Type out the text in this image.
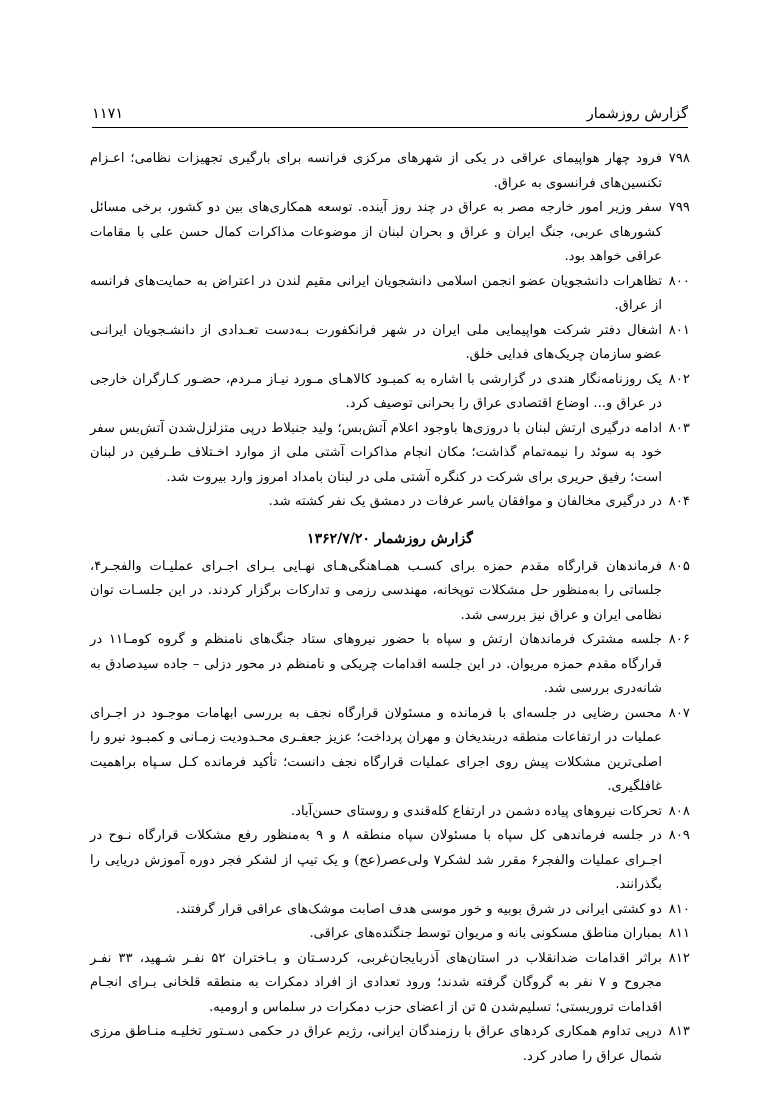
گزارش روزشمار
۱۱۷۱
۷۹۸
فرود چهار هواپیمای عراقی در یکی از شهرهای مرکزی فرانسه برای بارگیری تجهیزات نظامی؛ اعـزام تکنسین‌های فرانسوی به عراق.
۷۹۹
سفر وزیر امور خارجه مصر به عراق در چند روز آینده. توسعه همکاری‌های بین دو کشور، برخی مسائل کشورهای عربی، جنگ ایران و عراق و بحران لبنان از موضوعات مذاکرات کمال حسن علی با مقامات عراقی خواهد بود.
۸۰۰
تظاهرات دانشجویان عضو انجمن اسلامی دانشجویان ایرانی مقیم لندن در اعتراض به حمایت‌های فرانسه از عراق.
۸۰۱
اشغال دفتر شرکت هواپیمایی ملی ایران در شهر فرانکفورت بـه‌دست تعـدادی از دانشـجویان ایرانـی عضو سازمان چریک‌های فدایی خلق.
۸۰۲
یک روزنامه‌نگار هندی در گزارشی با اشاره به کمبـود کالاهـای مـورد نیـاز مـردم، حضـور کـارگران خارجی در عراق و... اوضاع اقتصادی عراق را بحرانی توصیف کرد.
۸۰۳
ادامه درگیری ارتش لبنان با دروزی‌ها باوجود اعلام آتش‌بس؛ ولید جنبلاط درپی متزلزل‌شدن آتش‌بس سفر خود به سوئد را نیمه‌تمام گذاشت؛ مکان انجام مذاکرات آشتی ملی از موارد اخـتلاف طـرفین در لبنان است؛ رفیق حریری برای شرکت در کنگره آشتی ملی در لبنان بامداد امروز وارد بیروت شد.
۸۰۴
در درگیری مخالفان و موافقان یاسر عرفات در دمشق یک نفر کشته شد.
گزارش روزشمار ۱۳۶۲/۷/۲۰
۸۰۵
فرماندهان قرارگاه مقدم حمزه برای کسـب همـاهنگی‌هـای نهـایی بـرای اجـرای عملیـات والفجـر۴، جلساتی را به‌منظور حل مشکلات توپخانه، مهندسی رزمی و تدارکات برگزار کردند. در این جلسـات توان نظامی ایران و عراق نیز بررسی شد.
۸۰۶
جلسه مشترک فرماندهان ارتش و سپاه با حضور نیروهای ستاد جنگ‌های نامنظم و گروه کومـا۱۱ در قرارگاه مقدم حمزه مریوان. در این جلسه اقدامات چریکی و نامنظم در محور دزلی – جاده سیدصادق به شانه‌دری بررسی شد.
۸۰۷
محسن رضایی در جلسه‌ای با فرمانده و مسئولان قرارگاه نجف به بررسی ابهامات موجـود در اجـرای عملیات در ارتفاعات منطقه دربندیخان و مهران پرداخت؛ عزیز جعفـری محـدودیت زمـانی و کمبـود نیرو را اصلی‌ترین مشکلات پیش روی اجرای عملیات قرارگاه نجف دانست؛ تأکید فرمانده کـل سـپاه براهمیت غافلگیری.
۸۰۸
تحرکات نیروهای پیاده دشمن در ارتفاع کله‌قندی و روستای حسن‌آباد.
۸۰۹
در جلسه فرماندهی کل سپاه با مسئولان سپاه منطقه ۸ و ۹ به‌منظور رفع مشکلات قرارگاه نـوح در اجـرای عملیات والفجر۶ مقرر شد لشکر۷ ولی‌عصر(عج) و یک تیپ از لشکر فجر دوره آموزش دریایی را بگذرانند.
۸۱۰
دو کشتی ایرانی در شرق بوبیه و خور موسی هدف اصابت موشک‌های عراقی قرار گرفتند.
۸۱۱
بمباران مناطق مسکونی بانه و مریوان توسط جنگنده‌های عراقی.
۸۱۲
براثر اقدامات ضدانقلاب در استان‌های آذربایجان‌غربی، کردسـتان و بـاختران ۵۲ نفـر شـهید، ۳۳ نفـر مجروح و ۷ نفر به گروگان گرفته شدند؛ ورود تعدادی از افراد دمکرات به منطقه قلخانی بـرای انجـام اقدامات تروریستی؛ تسلیم‌شدن ۵ تن از اعضای حزب دمکرات در سلماس و ارومیه.
۸۱۳
درپی تداوم همکاری کردهای عراق با رزمندگان ایرانی، رژیم عراق در حکمی دسـتور تخلیـه منـاطق مرزی شمال عراق را صادر کرد.
